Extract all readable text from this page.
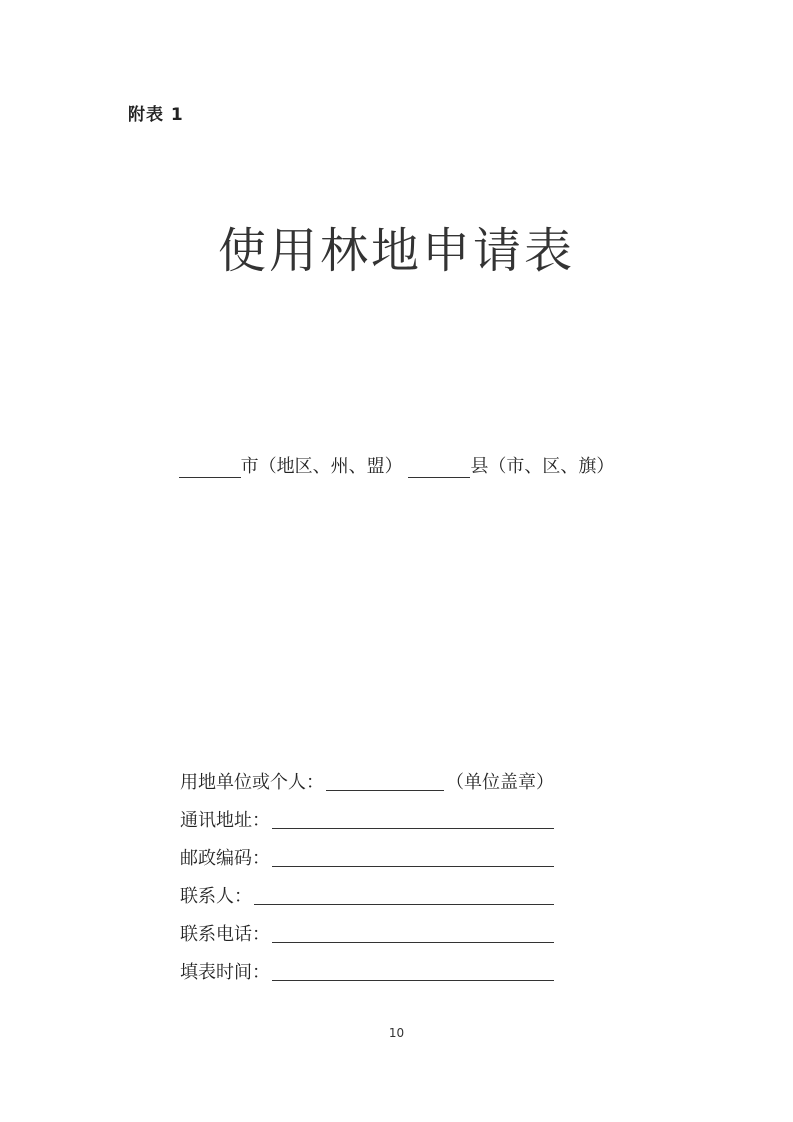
附表 1
使用林地申请表
市（地区、州、盟）	县（市、区、旗）
用地单位或个人：	（单位盖章）
通讯地址：
邮政编码：
联系人：
联系电话：
填表时间：
10
